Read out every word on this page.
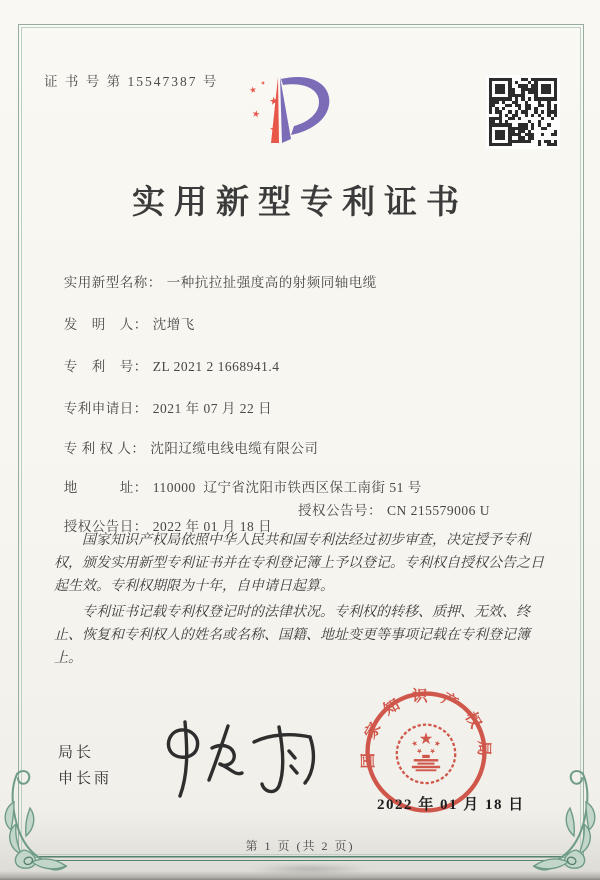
证 书 号 第 15547387 号
实用新型专利证书

实用新型名称： 一种抗拉扯强度高的射频同轴电缆

发　明　人： 沈增飞

专　利　号： ZL 2021 2 1668941.4

专利申请日： 2021 年 07 月 22 日

专 利 权 人： 沈阳辽缆电线电缆有限公司

地　　　址： 110000  辽宁省沈阳市铁西区保工南街 51 号

授权公告日： 2022 年 01 月 18 日

授权公告号： CN 215579006 U

国家知识产权局依照中华人民共和国专利法经过初步审查，决定授予专利权，颁发实用新型专利证书并在专利登记簿上予以登记。专利权自授权公告之日起生效。专利权期限为十年，自申请日起算。

专利证书记载专利权登记时的法律状况。专利权的转移、质押、无效、终止、恢复和专利权人的姓名或名称、国籍、地址变更等事项记载在专利登记簿上。

局长
申长雨
国家知识产权局
2022 年 01 月 18 日
第 1 页 (共 2 页)
